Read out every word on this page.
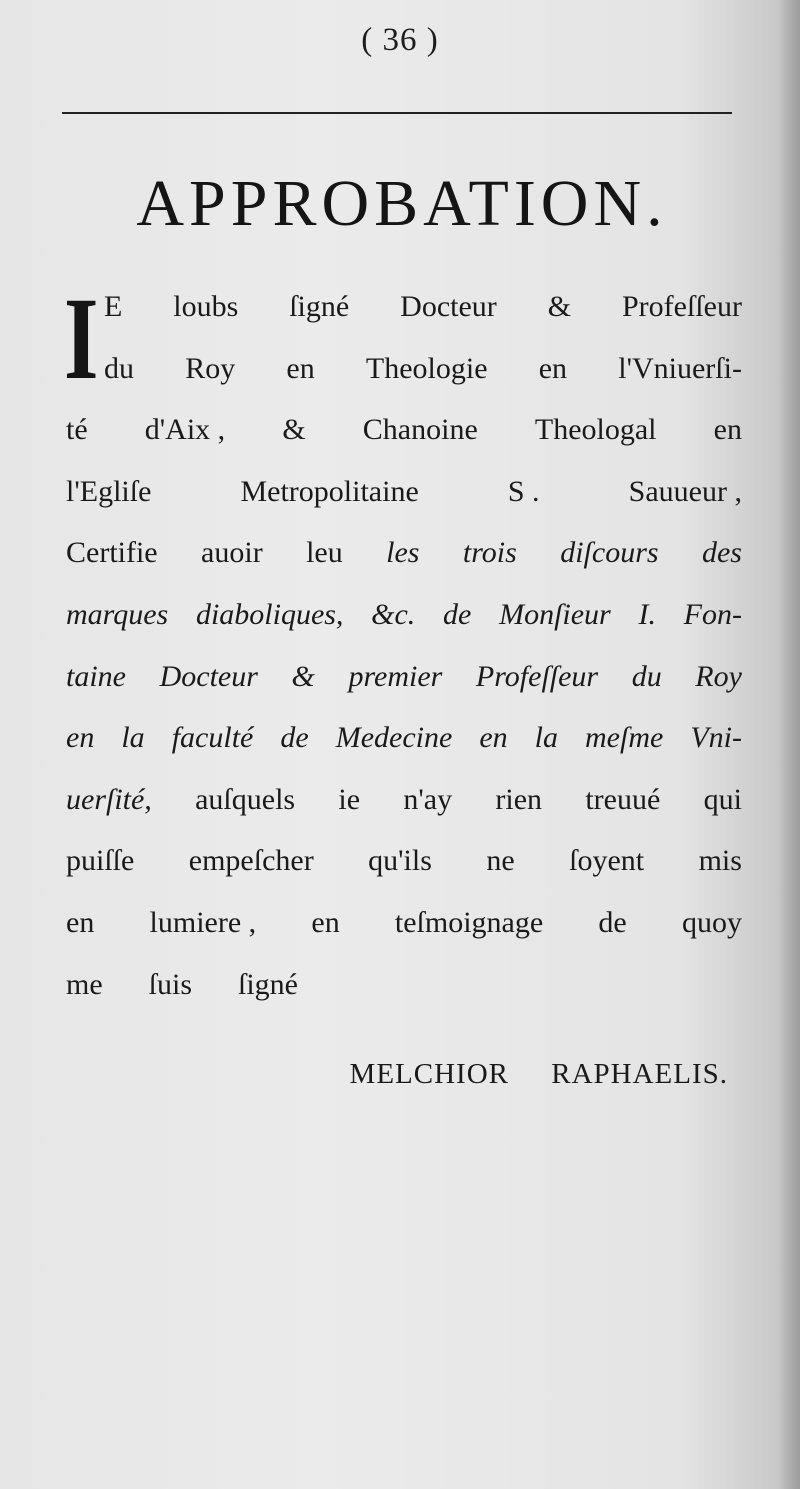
( 36 )
APPROBATION.
I E loubs ſigné Docteur & Profeſſeur
du Roy en Theologie en l'Vniuerſi-
té d'Aix , & Chanoine Theologal en
l'Egliſe	Metropolitaine	S .	Sauueur ,
Certifie auoir leu les trois diſcours des
marques diaboliques, &c. de Monſieur I. Fon-
taine Docteur & premier Profeſſeur du Roy
en la faculté de Medecine en la meſme Vni-
uerſité, auſquels ie n'ay rien treuué qui
puiſſe empeſcher qu'ils ne ſoyent mis
en lumiere , en teſmoignage de quoy
me ſuis ſigné
MELCHIOR RAPHAELIS.
